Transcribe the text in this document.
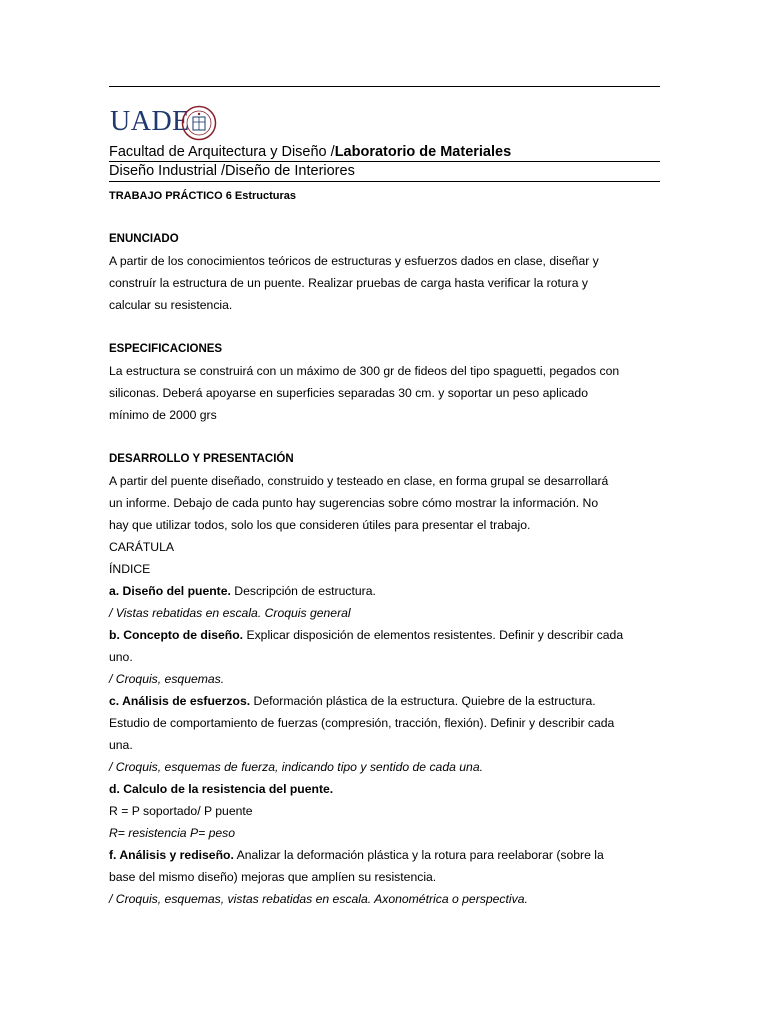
UADE
Facultad de Arquitectura y Diseño /Laboratorio de Materiales
Diseño Industrial /Diseño de Interiores
TRABAJO PRÁCTICO 6 Estructuras

ENUNCIADO

A partir de los conocimientos teóricos de estructuras y esfuerzos dados en clase, diseñar y

construír la estructura de un puente. Realizar pruebas de carga hasta verificar la rotura y

calcular su resistencia.

ESPECIFICACIONES

La estructura se construirá con un máximo de 300 gr de fideos del tipo spaguetti, pegados con

siliconas. Deberá apoyarse en superficies separadas 30 cm. y soportar un peso aplicado

mínimo de 2000 grs

DESARROLLO Y PRESENTACIÓN

A partir del puente diseñado, construido y testeado en clase, en forma grupal se desarrollará

un informe. Debajo de cada punto hay sugerencias sobre cómo mostrar la información. No

hay que utilizar todos, solo los que consideren útiles para presentar el trabajo.

CARÁTULA

ÍNDICE

a. Diseño del puente. Descripción de estructura.

/ Vistas rebatidas en escala. Croquis general

b. Concepto de diseño. Explicar disposición de elementos resistentes. Definir y describir cada

uno.

/ Croquis, esquemas.

c. Análisis de esfuerzos. Deformación plástica de la estructura. Quiebre de la estructura.

Estudio de comportamiento de fuerzas (compresión, tracción, flexión). Definir y describir cada

una.

/ Croquis, esquemas de fuerza, indicando tipo y sentido de cada una.

d. Calculo de la resistencia del puente.

R = P soportado/ P puente

R= resistencia P= peso

f. Análisis y rediseño. Analizar la deformación plástica y la rotura para reelaborar (sobre la

base del mismo diseño) mejoras que amplíen su resistencia.

/ Croquis, esquemas, vistas rebatidas en escala. Axonométrica o perspectiva.
